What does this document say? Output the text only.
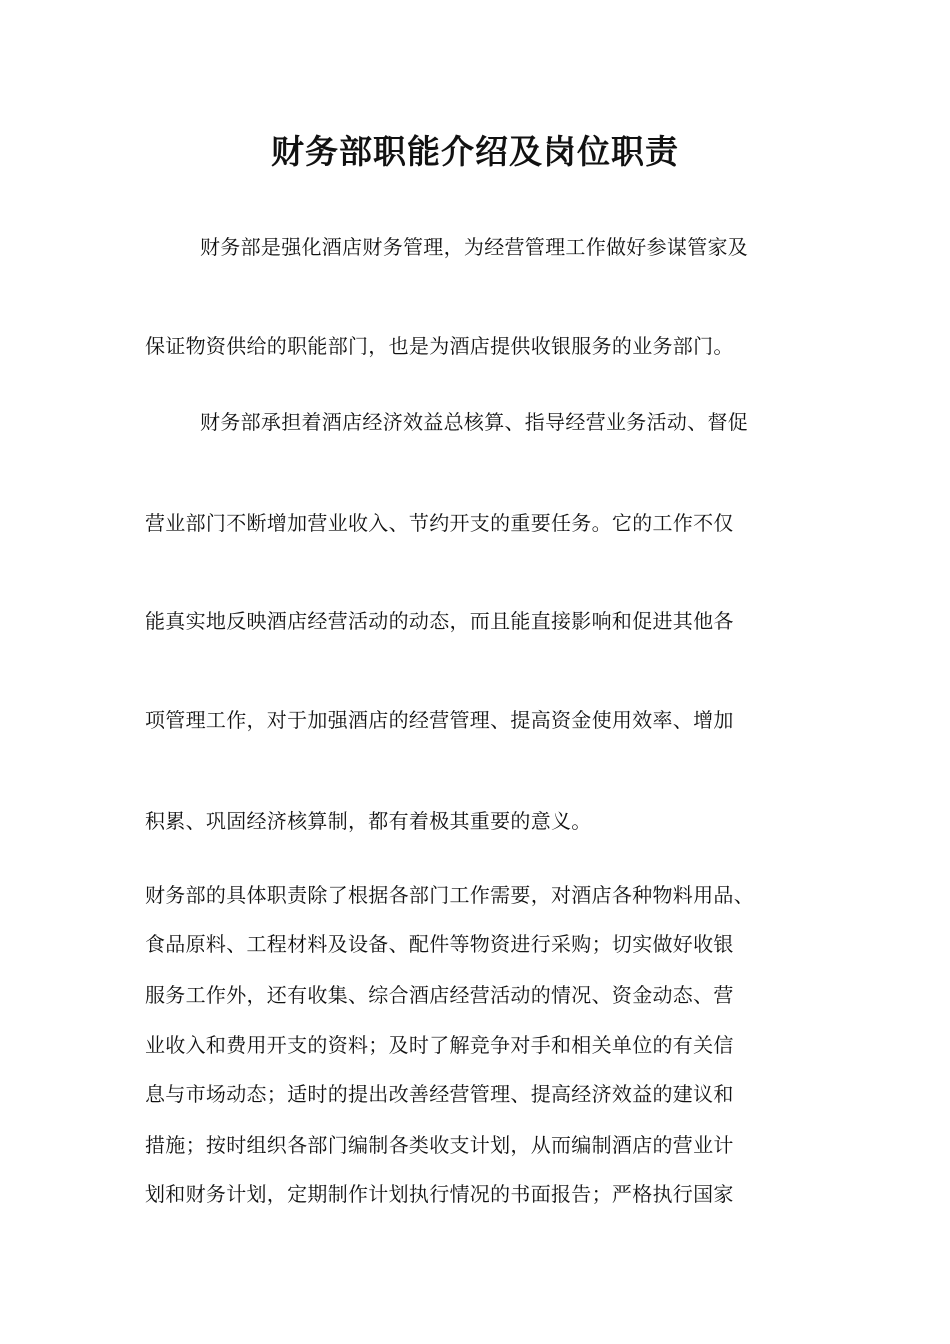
财务部职能介绍及岗位职责

财务部是强化酒店财务管理，为经营管理工作做好参谋管家及

保证物资供给的职能部门，也是为酒店提供收银服务的业务部门。

财务部承担着酒店经济效益总核算、指导经营业务活动、督促

营业部门不断增加营业收入、节约开支的重要任务。它的工作不仅

能真实地反映酒店经营活动的动态，而且能直接影响和促进其他各

项管理工作，对于加强酒店的经营管理、提高资金使用效率、增加

积累、巩固经济核算制，都有着极其重要的意义。

财务部的具体职责除了根据各部门工作需要，对酒店各种物料用品、

食品原料、工程材料及设备、配件等物资进行采购；切实做好收银

服务工作外，还有收集、综合酒店经营活动的情况、资金动态、营

业收入和费用开支的资料；及时了解竞争对手和相关单位的有关信

息与市场动态；适时的提出改善经营管理、提高经济效益的建议和

措施；按时组织各部门编制各类收支计划，从而编制酒店的营业计

划和财务计划，定期制作计划执行情况的书面报告；严格执行国家
